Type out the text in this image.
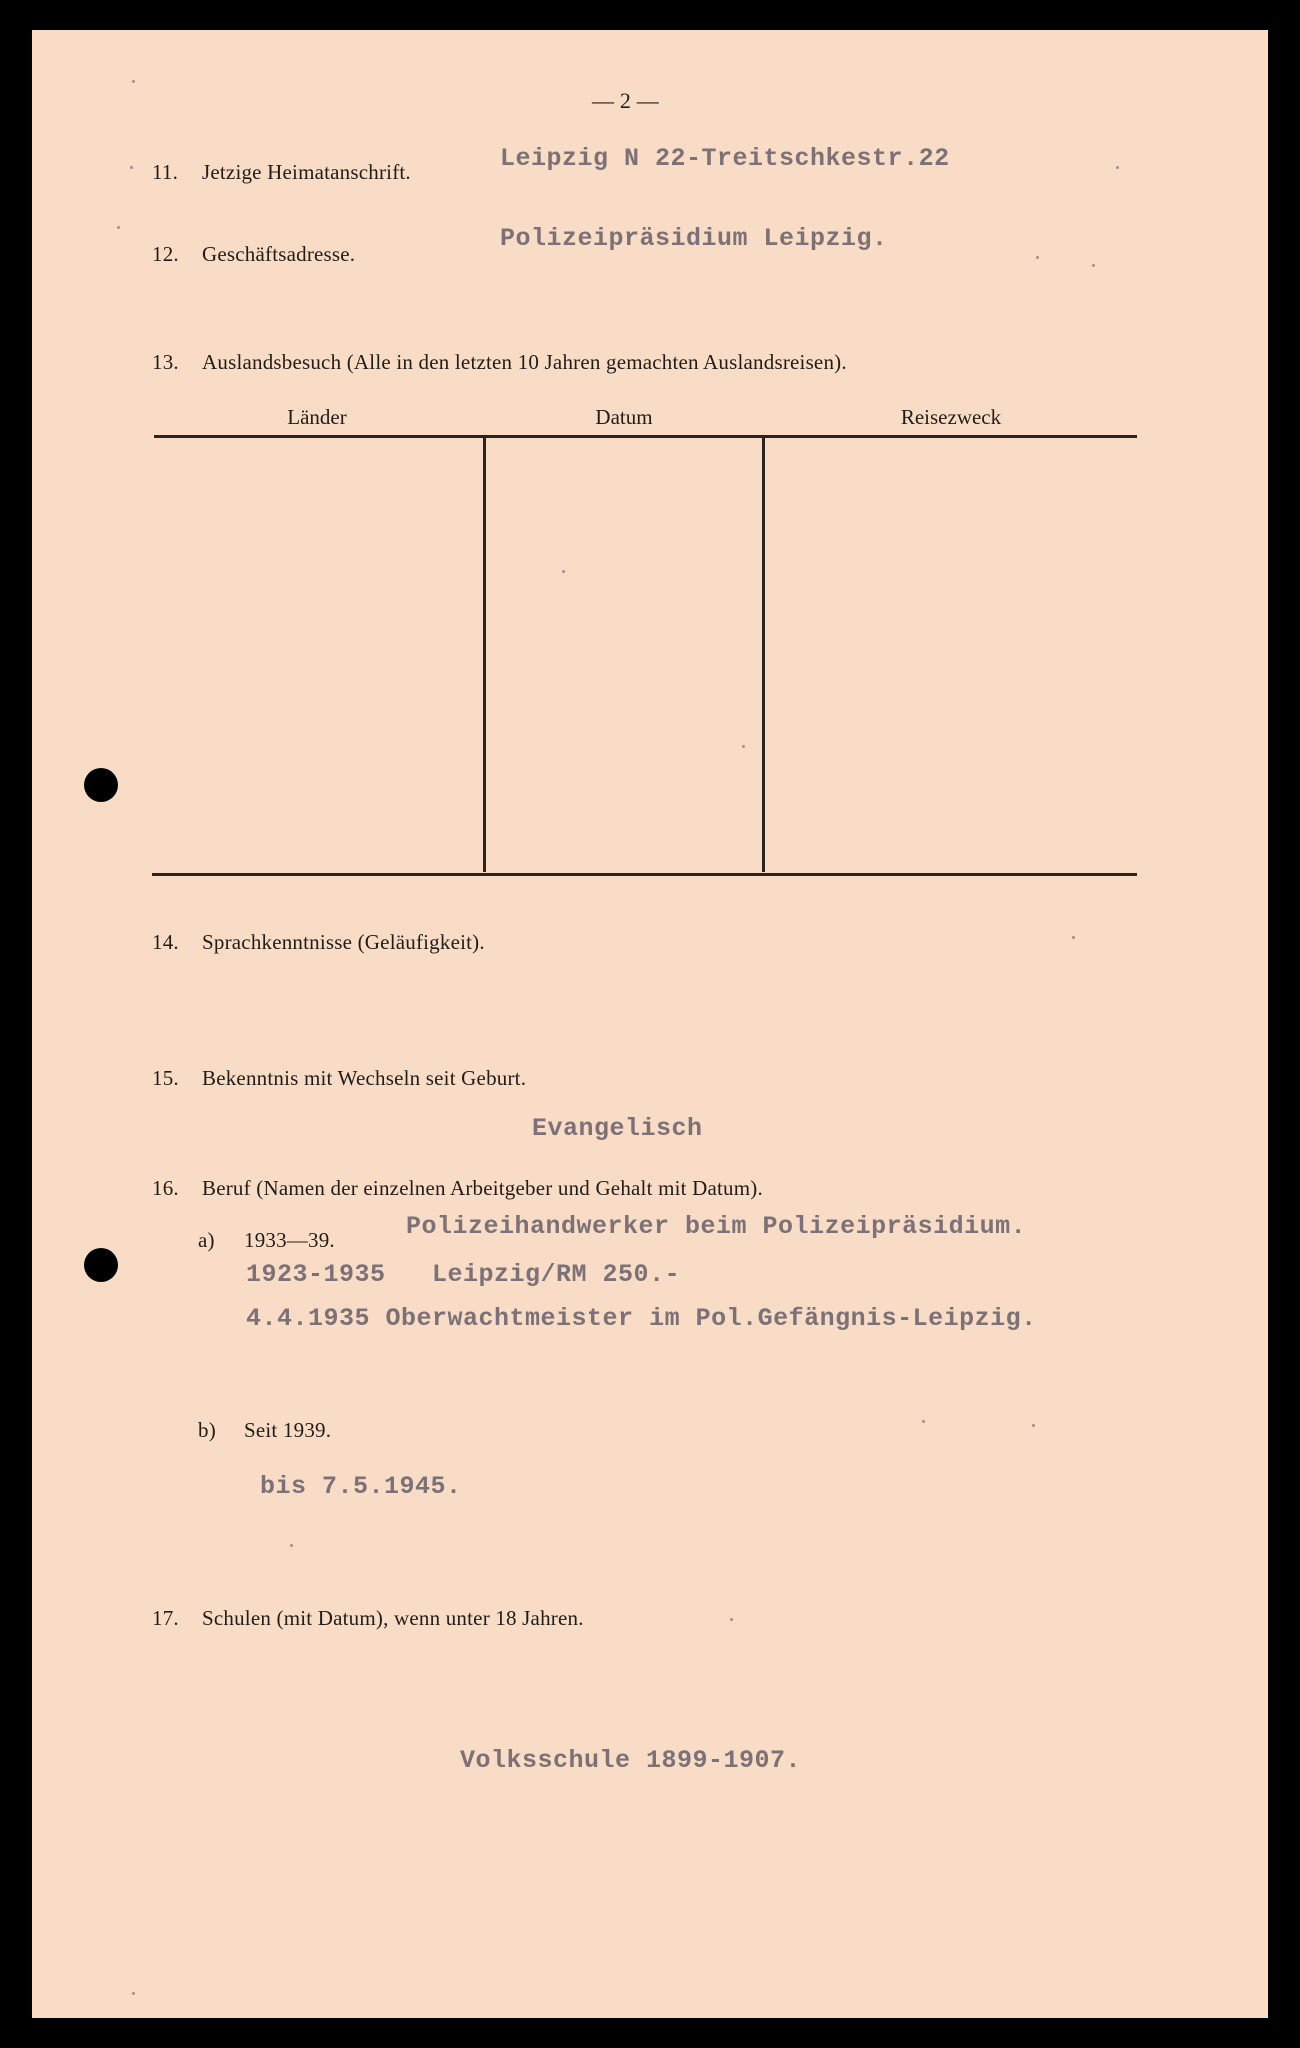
— 2 —
11. Jetzige Heimatanschrift.	Leipzig N 22-Treitschkestr.22
12. Geschäftsadresse.
Polizeipräsidium Leipzig.
13. Auslandsbesuch (Alle in den letzten 10 Jahren gemachten Auslandsreisen).
Länder	Datum	Reisezweck
14. Sprachkenntnisse (Geläufigkeit).
15. Bekenntnis mit Wechseln seit Geburt.
Evangelisch
16. Beruf (Namen der einzelnen Arbeitgeber und Gehalt mit Datum).
a) 1933—39.	Polizeihandwerker beim Polizeipräsidium.
1923-1935   Leipzig/RM 250.-
4.4.1935 Oberwachtmeister im Pol.Gefängnis-Leipzig.
b) Seit 1939.
bis 7.5.1945.
17. Schulen (mit Datum), wenn unter 18 Jahren.
Volksschule 1899-1907.
